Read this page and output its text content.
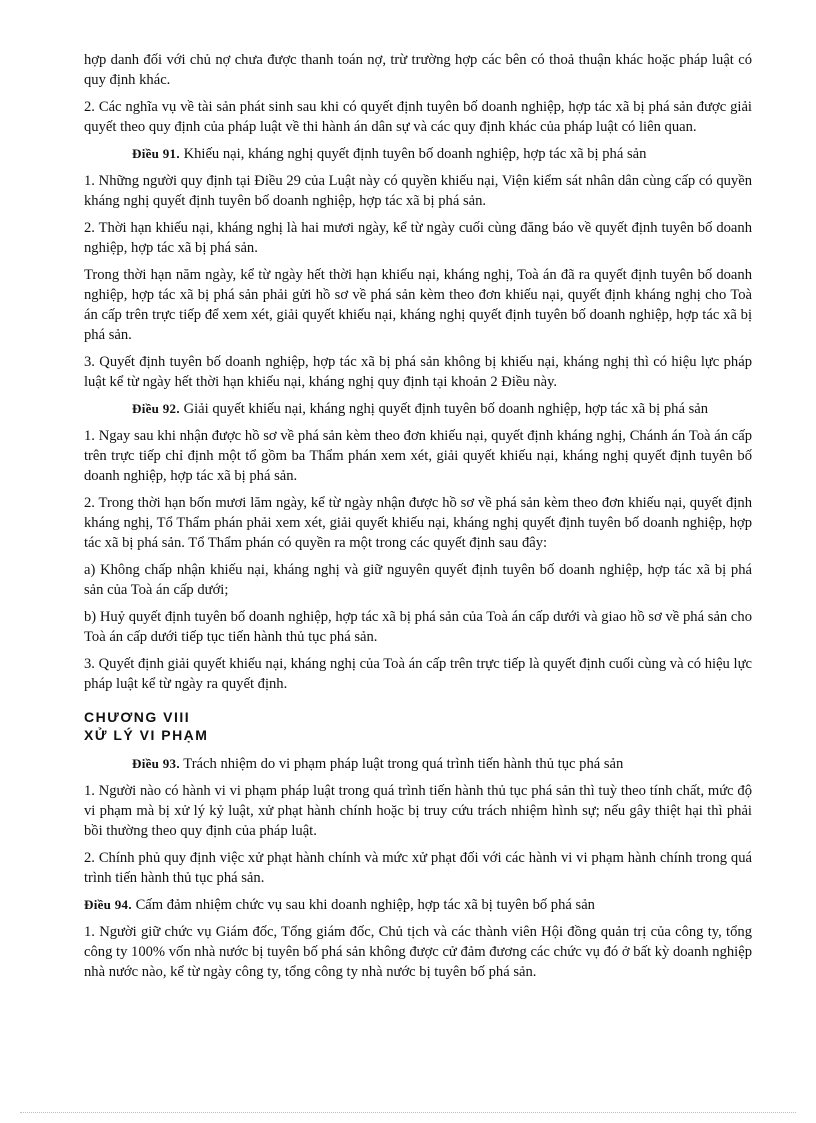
hợp danh đối với chủ nợ chưa được thanh toán nợ, trừ trường hợp các bên có thoả thuận khác hoặc pháp luật có quy định khác.

2. Các nghĩa vụ về tài sản phát sinh sau khi có quyết định tuyên bố doanh nghiệp, hợp tác xã bị phá sản được giải quyết theo quy định của pháp luật về thi hành án dân sự và các quy định khác của pháp luật có liên quan.

Điều 91. Khiếu nại, kháng nghị quyết định tuyên bố doanh nghiệp, hợp tác xã bị phá sản

1. Những người quy định tại Điều 29 của Luật này có quyền khiếu nại, Viện kiểm sát nhân dân cùng cấp có quyền kháng nghị quyết định tuyên bố doanh nghiệp, hợp tác xã bị phá sản.

2. Thời hạn khiếu nại, kháng nghị là hai mươi ngày, kể từ ngày cuối cùng đăng báo về quyết định tuyên bố doanh nghiệp, hợp tác xã bị phá sản.

Trong thời hạn năm ngày, kể từ ngày hết thời hạn khiếu nại, kháng nghị, Toà án đã ra quyết định tuyên bố doanh nghiệp, hợp tác xã bị phá sản phải gửi hồ sơ về phá sản kèm theo đơn khiếu nại, quyết định kháng nghị cho Toà án cấp trên trực tiếp để xem xét, giải quyết khiếu nại, kháng nghị quyết định tuyên bố doanh nghiệp, hợp tác xã bị phá sản.

3. Quyết định tuyên bố doanh nghiệp, hợp tác xã bị phá sản không bị khiếu nại, kháng nghị thì có hiệu lực pháp luật kể từ ngày hết thời hạn khiếu nại, kháng nghị quy định tại khoản 2 Điều này.

Điều 92. Giải quyết khiếu nại, kháng nghị quyết định tuyên bố doanh nghiệp, hợp tác xã bị phá sản

1. Ngay sau khi nhận được hồ sơ về phá sản kèm theo đơn khiếu nại, quyết định kháng nghị, Chánh án Toà án cấp trên trực tiếp chỉ định một tổ gồm ba Thẩm phán xem xét, giải quyết khiếu nại, kháng nghị quyết định tuyên bố doanh nghiệp, hợp tác xã bị phá sản.

2. Trong thời hạn bốn mươi lăm ngày, kể từ ngày nhận được hồ sơ về phá sản kèm theo đơn khiếu nại, quyết định kháng nghị, Tổ Thẩm phán phải xem xét, giải quyết khiếu nại, kháng nghị quyết định tuyên bố doanh nghiệp, hợp tác xã bị phá sản. Tổ Thẩm phán có quyền ra một trong các quyết định sau đây:

a) Không chấp nhận khiếu nại, kháng nghị và giữ nguyên quyết định tuyên bố doanh nghiệp, hợp tác xã bị phá sản của Toà án cấp dưới;

b) Huỷ quyết định tuyên bố doanh nghiệp, hợp tác xã bị phá sản của Toà án cấp dưới và giao hồ sơ về phá sản cho Toà án cấp dưới tiếp tục tiến hành thủ tục phá sản.

3. Quyết định giải quyết khiếu nại, kháng nghị của Toà án cấp trên trực tiếp là quyết định cuối cùng và có hiệu lực pháp luật kể từ ngày ra quyết định.

CHƯƠNG VIII
XỬ LÝ VI PHẠM

Điều 93. Trách nhiệm do vi phạm pháp luật trong quá trình tiến hành thủ tục phá sản

1. Người nào có hành vi vi phạm pháp luật trong quá trình tiến hành thủ tục phá sản thì tuỳ theo tính chất, mức độ vi phạm mà bị xử lý kỷ luật, xử phạt hành chính hoặc bị truy cứu trách nhiệm hình sự; nếu gây thiệt hại thì phải bồi thường theo quy định của pháp luật.

2. Chính phủ quy định việc xử phạt hành chính và mức xử phạt đối với các hành vi vi phạm hành chính trong quá trình tiến hành thủ tục phá sản.

Điều 94. Cấm đảm nhiệm chức vụ sau khi doanh nghiệp, hợp tác xã bị tuyên bố phá sản

1. Người giữ chức vụ Giám đốc, Tổng giám đốc, Chủ tịch và các thành viên Hội đồng quản trị của công ty, tổng công ty 100% vốn nhà nước bị tuyên bố phá sản không được cử đảm đương các chức vụ đó ở bất kỳ doanh nghiệp nhà nước nào, kể từ ngày công ty, tổng công ty nhà nước bị tuyên bố phá sản.
